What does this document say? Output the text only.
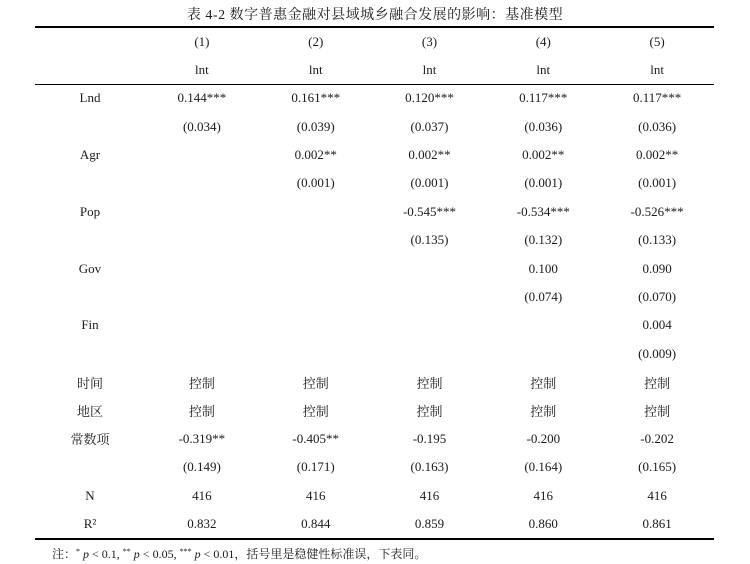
表 4-2 数字普惠金融对县域城乡融合发展的影响：基准模型
	(1)	(2)	(3)	(4)	(5)
	lnt	lnt	lnt	lnt	lnt
Lnd	0.144***	0.161***	0.120***	0.117***	0.117***
	(0.034)	(0.039)	(0.037)	(0.036)	(0.036)
Agr		0.002**	0.002**	0.002**	0.002**
		(0.001)	(0.001)	(0.001)	(0.001)
Pop			-0.545***	-0.534***	-0.526***
			(0.135)	(0.132)	(0.133)
Gov				0.100	0.090
				(0.074)	(0.070)
Fin					0.004
					(0.009)
时间	控制	控制	控制	控制	控制
地区	控制	控制	控制	控制	控制
常数项	-0.319**	-0.405**	-0.195	-0.200	-0.202
	(0.149)	(0.171)	(0.163)	(0.164)	(0.165)
N	416	416	416	416	416
R²	0.832	0.844	0.859	0.860	0.861
注：* p < 0.1, ** p < 0.05, *** p < 0.01，括号里是稳健性标准误，下表同。
